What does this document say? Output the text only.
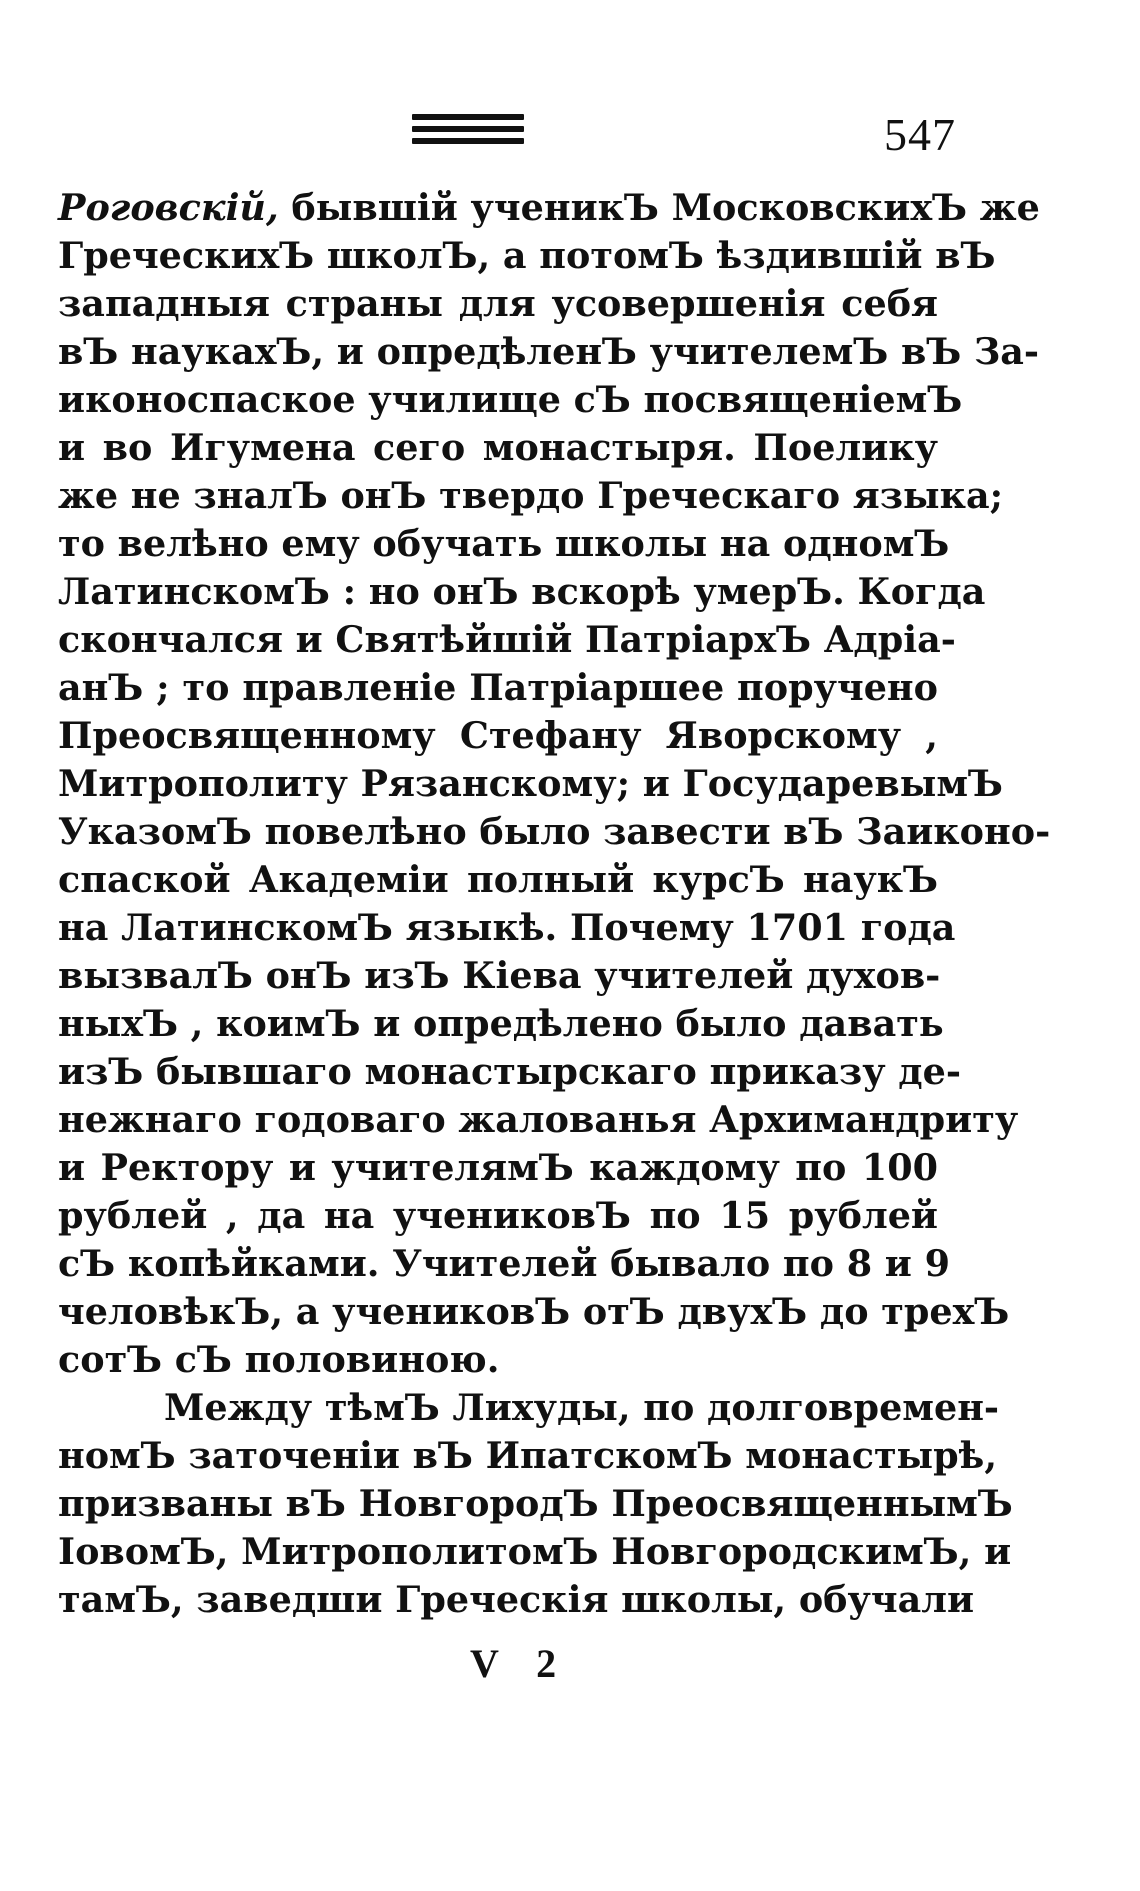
547
Роговскій, бывшій ученикЪ МосковскихЪ же
ГреческихЪ школЪ, а потомЪ ѣздившій вЪ
западныя страны для усовершенія себя
вЪ наукахЪ, и опредѣленЪ учителемЪ вЪ За-
иконоспаское училище сЪ посвященіемЪ
и во Игумена сего монастыря. Поелику
же не зналЪ онЪ твердо Греческаго языка;
то велѣно ему обучать школы на одномЪ
ЛатинскомЪ : но онЪ вскорѣ умерЪ. Когда
скончался и Святѣйшій ПатріархЪ Адріа-
анЪ ; то правленіе Патріаршее поручено
Преосвященному Стефану Яворскому ,
Митрополиту Рязанскому; и ГосударевымЪ
УказомЪ повелѣно было завести вЪ Заиконо-
спаской Академіи полный курсЪ наукЪ
на ЛатинскомЪ языкѣ. Почему 1701 года
вызвалЪ онЪ изЪ Кіева учителей духов-
ныхЪ , коимЪ и опредѣлено было давать
изЪ бывшаго монастырскаго приказу де-
нежнаго годоваго жалованья Архимандриту
и Ректору и учителямЪ каждому по 100
рублей , да на учениковЪ по 15 рублей
сЪ копѣйками. Учителей бывало по 8 и 9
человѣкЪ, а учениковЪ отЪ двухЪ до трехЪ
сотЪ сЪ половиною.
Между тѣмЪ Лихуды, по долговремен-
номЪ заточеніи вЪ ИпатскомЪ монастырѣ,
призваны вЪ НовгородЪ ПреосвященнымЪ
ІовомЪ, МитрополитомЪ НовгородскимЪ, и
тамЪ, заведши Греческія школы, обучали
V 2
